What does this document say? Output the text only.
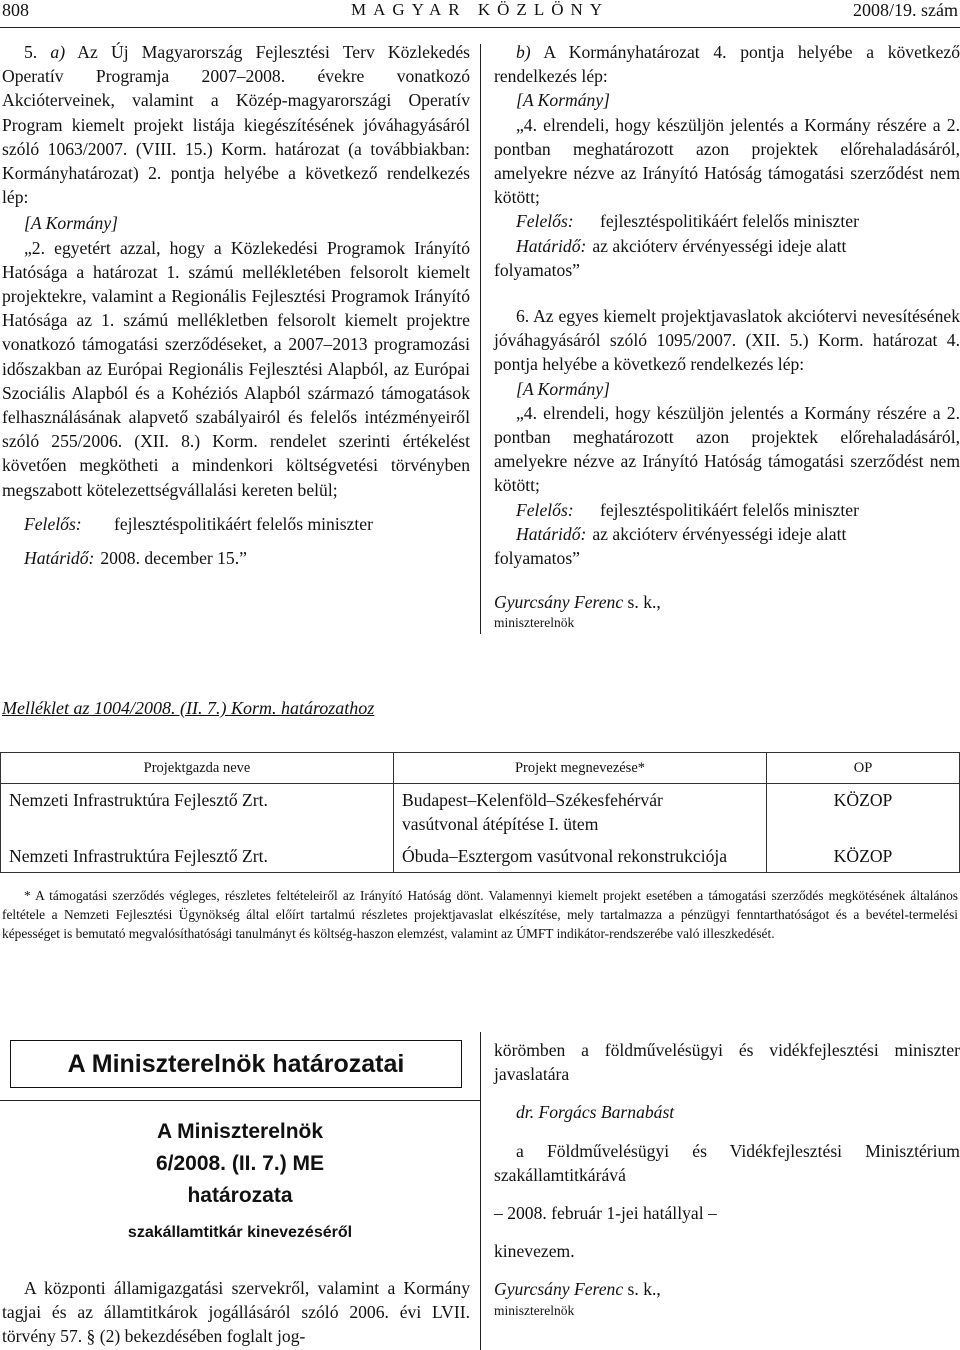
808	MAGYAR KÖZLÖNY	2008/19. szám

5. a) Az Új Magyarország Fejlesztési Terv Közlekedés Operatív Programja 2007–2008. évekre vonatkozó Akcióterveinek, valamint a Közép-magyarországi Operatív Program kiemelt projekt listája kiegészítésének jóváhagyásáról szóló 1063/2007. (VIII. 15.) Korm. határozat (a továbbiakban: Kormányhatározat) 2. pontja helyébe a következő rendelkezés lép:

[A Kormány]

„2. egyetért azzal, hogy a Közlekedési Programok Irányító Hatósága a határozat 1. számú mellékletében felsorolt kiemelt projektekre, valamint a Regionális Fejlesztési Programok Irányító Hatósága az 1. számú mellékletben felsorolt kiemelt projektre vonatkozó támogatási szerződéseket, a 2007–2013 programozási időszakban az Európai Regionális Fejlesztési Alapból, az Európai Szociális Alapból és a Kohéziós Alapból származó támogatások felhasználásának alapvető szabályairól és felelős intézményeiről szóló 255/2006. (XII. 8.) Korm. rendelet szerinti értékelést követően megkötheti a mindenkori költségvetési törvényben megszabott kötelezettségvállalási kereten belül;

Felelős:	fejlesztéspolitikáért felelős miniszter
Határidő: 2008. december 15.”

b) A Kormányhatározat 4. pontja helyébe a következő rendelkezés lép:

[A Kormány]

„4. elrendeli, hogy készüljön jelentés a Kormány részére a 2. pontban meghatározott azon projektek előrehaladásáról, amelyekre nézve az Irányító Hatóság támogatási szerződést nem kötött;

Felelős:	fejlesztéspolitikáért felelős miniszter
Határidő: az akcióterv érvényességi ideje alatt

folyamatos”

6. Az egyes kiemelt projektjavaslatok akciótervi nevesítésének jóváhagyásáról szóló 1095/2007. (XII. 5.) Korm. határozat 4. pontja helyébe a következő rendelkezés lép:

[A Kormány]

„4. elrendeli, hogy készüljön jelentés a Kormány részére a 2. pontban meghatározott azon projektek előrehaladásáról, amelyekre nézve az Irányító Hatóság támogatási szerződést nem kötött;

Felelős:	fejlesztéspolitikáért felelős miniszter
Határidő: az akcióterv érvényességi ideje alatt

folyamatos”

Gyurcsány Ferenc s. k.,

miniszterelnök

Melléklet az 1004/2008. (II. 7.) Korm. határozathoz
Projektgazda neve	Projekt megnevezése*	OP
Nemzeti Infrastruktúra Fejlesztő Zrt.	Budapest–Kelenföld–Székesfehérvár vasútvonal átépítése I. ütem	KÖZOP
Nemzeti Infrastruktúra Fejlesztő Zrt.	Óbuda–Esztergom vasútvonal rekonstrukciója	KÖZOP
* A támogatási szerződés végleges, részletes feltételeiről az Irányító Hatóság dönt. Valamennyi kiemelt projekt esetében a támogatási szerződés megkötésének általános feltétele a Nemzeti Fejlesztési Ügynökség által előírt tartalmú részletes projektjavaslat elkészítése, mely tartalmazza a pénzügyi fenntarthatóságot és a bevétel-termelési képességet is bemutató megvalósíthatósági tanulmányt és költség-haszon elemzést, valamint az ÚMFT indikátor-rendszerébe való illeszkedését.
A Miniszterelnök határozatai
A Miniszterelnök
6/2008. (II. 7.) ME
határozata
szakállamtitkár kinevezéséről

A központi államigazgatási szervekről, valamint a Kormány tagjai és az államtitkárok jogállásáról szóló 2006. évi LVII. törvény 57. § (2) bekezdésében foglalt jog-

körömben a földművelésügyi és vidékfejlesztési miniszter javaslatára

dr. Forgács Barnabást

a Földművelésügyi és Vidékfejlesztési Minisztérium szakállamtitkárává

– 2008. február 1-jei hatállyal –

kinevezem.

Gyurcsány Ferenc s. k.,

miniszterelnök
